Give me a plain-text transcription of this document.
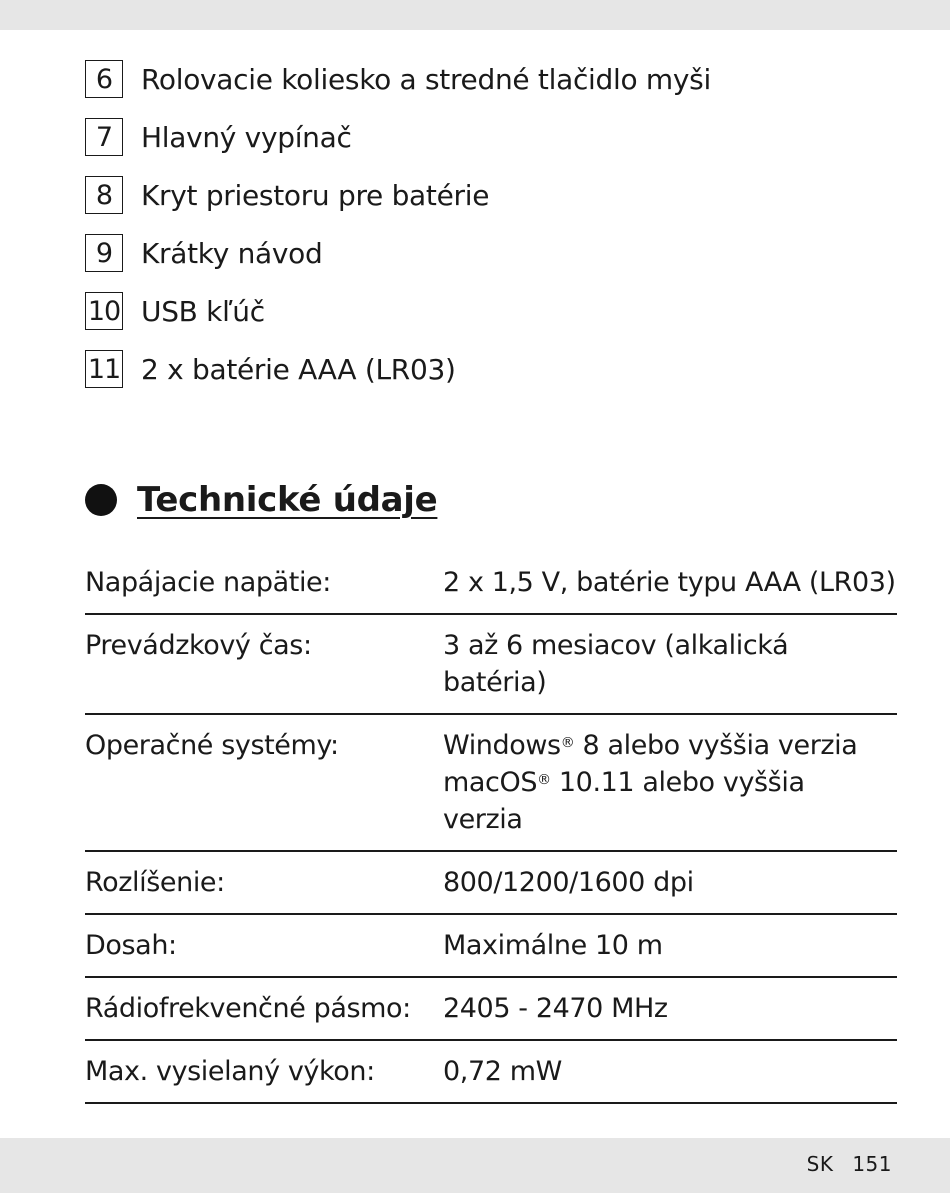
6	Rolovacie koliesko a stredné tlačidlo myši
7	Hlavný vypínač
8	Kryt priestoru pre batérie
9	Krátky návod
10 USB kľúč
11 2 x batérie AAA (LR03)
Technické údaje
Napájacie napätie:	2 x 1,5 V, batérie typu AAA (LR03)
Prevádzkový čas:	3 až 6 mesiacov (alkalická batéria)
Operačné systémy:	Windows® 8 alebo vyššia verzia
macOS® 10.11 alebo vyššia
verzia
Rozlíšenie:	800/1200/1600 dpi
Dosah:	Maximálne 10 m
Rádiofrekvenčné pásmo:	2405 - 2470 MHz
Max. vysielaný výkon:	0,72 mW
SK 151
